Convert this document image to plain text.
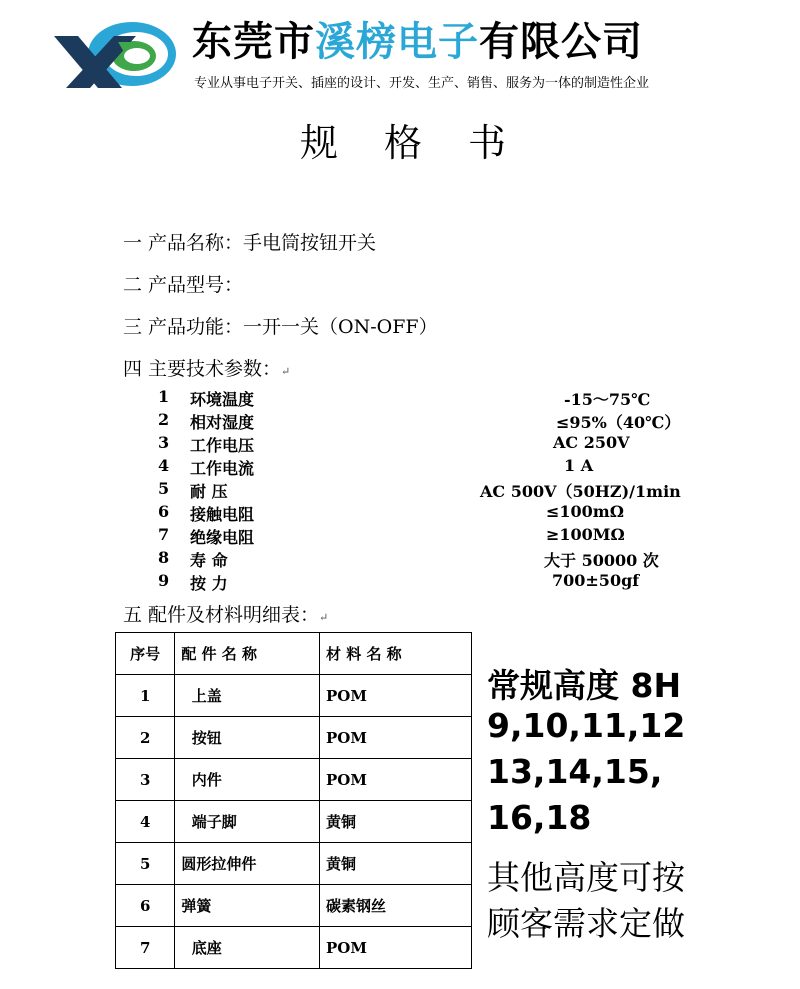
东莞市溪榜电子有限公司
专业从事电子开关、插座的设计、开发、生产、销售、服务为一体的制造性企业
规格书
一 产品名称：手电筒按钮开关
二 产品型号：
三 产品功能：一开一关（ON-OFF）
四 主要技术参数：↵
1	环境温度	-15～75℃
2	相对湿度	≤95%（40℃）
3	工作电压	AC 250V
4	工作电流	1 A
5	耐 压	AC 500V（50HZ)/1min
6	接触电阻	≤100mΩ
7	绝缘电阻	≥100MΩ
8	寿 命	大于 50000 次
9	按 力	700±50gf
五 配件及材料明细表：↵
序号	配 件 名 称	材 料 名 称
1	上盖	POM
2	按钮	POM
3	内件	POM
4	端子脚	黄铜
5	圆形拉伸件	黄铜
6	弹簧	碳素钢丝
7	底座	POM
常规高度 8H
9,10,11,12
13,14,15,
16,18
其他高度可按
顾客需求定做
